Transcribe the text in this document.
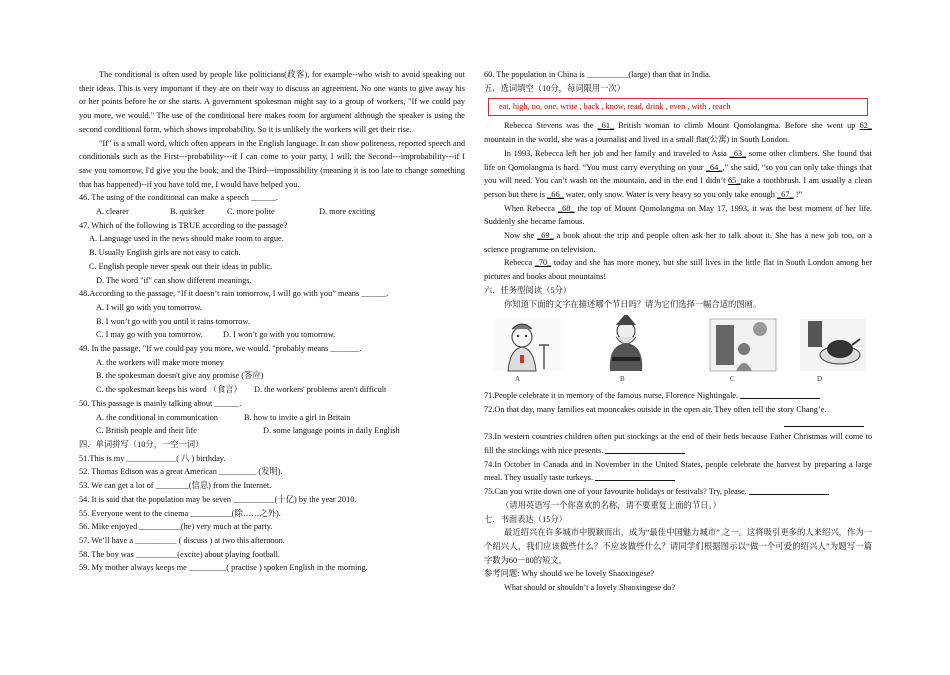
The conditional is often used by people like politicians(政客), for example--who wish to avoid speaking out their ideas. This is very important if they are on their way to discuss an agreement. No one wants to give away his or her points before he or she starts. A government spokesman might say to a group of workers, "If we could pay you more, we would." The use of the conditional here makes room for argument although the speaker is using the second conditional form, which shows improbability. So it is unlikely the workers will get their rise.

"If" is a small word, which often appears in the English language. It can show politeness, reported speech and conditionals such as the First---probability---if I can come to your party, I will; the Second---improbability---if I saw you tomorrow, I'd give you the book; and the Third---impossibility (meaning it is too late to change something that has happened)--if you have told me, I would have helped you.

46. The using of the conditional can make a speech ______.

A. clearer	B. quicker	C. more polite	D. more exciting

47. Which of the following is TRUE according to the passage?

A. Language used in the news should make room to argue.

B. Usually English girls are not easy to catch.

C. English people never speak out their ideas in public.

D. The word "if" can show different meanings.

48.According to the passage, “If it doesn’t rain tomorrow, I will go with you” means ______.

A. I will go with you tomorrow.

B. I won’t go with you until it rains tomorrow.

C. I may go with you tomorrow. D. I won’t go with you tomorrow.

49. In the passage, "If we could pay you more, we would. "probably means _______.

A. the workers will make more money

B. the spokesman doesn't give any promise (答应)

C. the spokesman keeps his word （食言） D. the workers' problems aren't difficult

50. This passage is mainly talking about ______.

A. the conditional in communication	B. how to invite a girl in Britain

C. British people and their life	D. some language points in daily English

四．单词拼写（10分，一空一词）

51.This is my ____________( 八 ) birthday.

52. Thomas Edison was a great American _________ (发明).

53. We can get a lot of ________(信息) from the Internet.

54. It is said that the population may be seven __________(十亿) by the year 2010.

55. Everyone went to the cinema __________(除……之外).

56. Mike enjoyed __________(he) very much at the party.

57. We’ll have a __________ ( discuss ) at two this afternoon.

58. The boy was __________(excite) about playing football.

59. My mother always keeps me _________( practise ) spoken English in the morning.

60. The population in China is __________(large) than that in India.

五．选词填空（10分，每词限用一次）

eat, high, no, one, write , back , know, read, drink , even , with , reach

Rebecca Stevens was the _61_ British woman to climb Mount Qomolangma. Before she went up 62_ mountain in the world, she was a journalist and lived in a small flat(公寓) in South London.

In 1993, Rebecca left her job and her family and traveled to Asia _63_ some other climbers. She found that life on Qomolangma is hard. “You must carry everything on your _64_,” she said, “so you can only take things that you will need. You can’t wash on the mountain, and in the end I didn’t 65_take a toothbrush. I am usually a clean person but there is _66_ water, only snow. Water is very heavy so you only take enough _67_ !”

When Rebecca _68_ the top of Mount Qomolangma on May 17, 1993, it was the best moment of her life. Suddenly she became famous.

Now she _69_ a book about the trip and people often ask her to talk about it. She has a new job too, on a science programme on television.

Rebecca _70_ today and she has more money, but she still lives in the little flat in South London among her pictures and books about mountains!

六．任务型阅读（5分）

你知道下面的文字在描述哪个节日吗？请为它们选择一幅合适的图画。

A	B	C	D

71.People celebrate it in memory of the famous nurse, Florence Nightingale.

72.On that day, many families eat mooncakes outside in the open air. They often tell the story Chang’e.

73.In western countries children often put stockings at the end of their beds because Father Christmas will come to fill the stockings with nice presents.

74.In October in Canada and in November in the United States, people celebrate the harvest by preparing a large meal. They usually taste turkeys.

75.Can you write down one of your favourite holidays or festivals? Try, please.

（请用英语写一个你喜欢的名称，请不要重复上面的节日。）

七．书面表达（15分）

最近绍兴在许多城市中脱颖而出，成为“最佳中国魅力城市” 之一。这将吸引更多的人来绍兴，作为一个绍兴人，我们应该做些什么？不应该做些什么？请同学们根据图示以“做一个可爱的绍兴人”为题写一篇字数为60－80的短文。

参考问题: Why should we be lovely Shaoxingese?

What should or shouldn’t a lovely Shaoxingese do?
